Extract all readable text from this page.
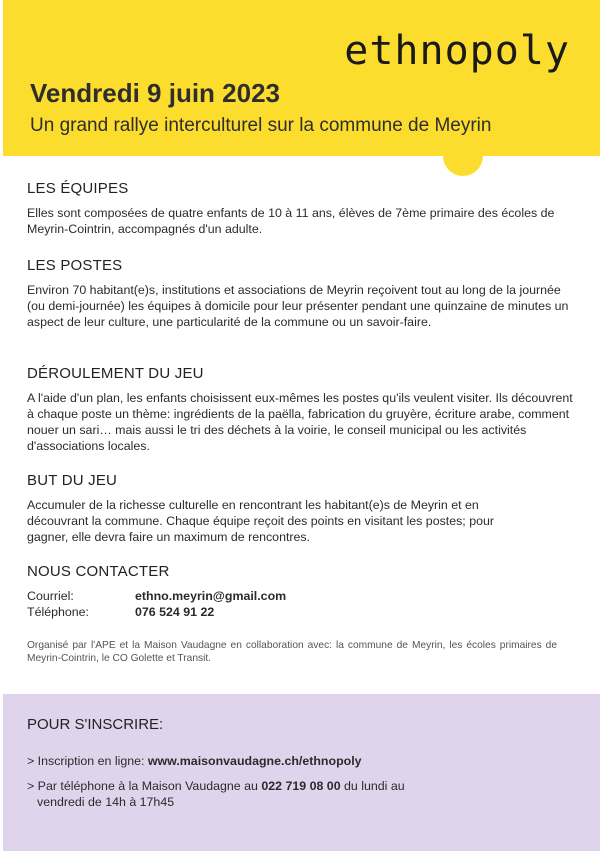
ethnopoly
Vendredi 9 juin 2023
Un grand rallye interculturel sur la commune de Meyrin
LES ÉQUIPES

Elles sont composées de quatre enfants de 10 à 11 ans, élèves de 7ème primaire des écoles de Meyrin-Cointrin, accompagnés d'un adulte.

LES POSTES

Environ 70 habitant(e)s, institutions et associations de Meyrin reçoivent tout au long de la journée (ou demi-journée) les équipes à domicile pour leur présenter pendant une quinzaine de minutes un aspect de leur culture, une particularité de la commune ou un savoir-faire.

DÉROULEMENT DU JEU

A l'aide d'un plan, les enfants choisissent eux-mêmes les postes qu'ils veulent visiter. Ils découvrent à chaque poste un thème: ingrédients de la paëlla, fabrication du gruyère, écriture arabe, comment nouer un sari… mais aussi le tri des déchets à la voirie, le conseil municipal ou les activités d'associations locales.

BUT DU JEU

Accumuler de la richesse culturelle en rencontrant les habitant(e)s de Meyrin et en découvrant la commune. Chaque équipe reçoit des points en visitant les postes; pour gagner, elle devra faire un maximum de rencontres.

NOUS CONTACTER
Courriel:	ethno.meyrin@gmail.com
Téléphone:	076 524 91 22
Organisé par l'APE et la Maison Vaudagne en collaboration avec: la commune de Meyrin, les écoles primaires de Meyrin-Cointrin, le CO Golette et Transit.
POUR S'INSCRIRE:
> Inscription en ligne: www.maisonvaudagne.ch/ethnopoly
> Par téléphone à la Maison Vaudagne au 022 719 08 00 du lundi au
vendredi de 14h à 17h45
